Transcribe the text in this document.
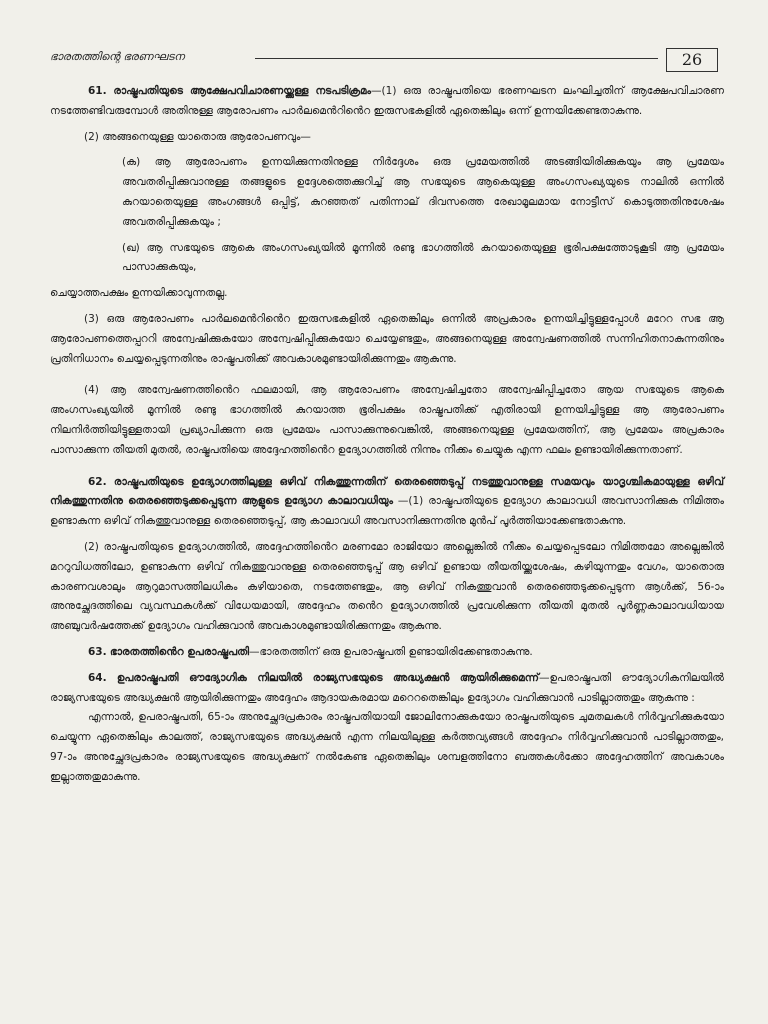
ഭാരതത്തിന്റെ ഭരണഘടന	26

61. രാഷ്ട്രപതിയുടെ ആക്ഷേപവിചാരണയ്ക്കുള്ള നടപടിക്രമം—(1) ഒരു രാഷ്ട്രപതിയെ ഭരണഘടന ലംഘിച്ചതിന് ആക്ഷേപവിചാരണ നടത്തേണ്ടിവരുമ്പോൾ അതിനുള്ള ആരോപണം പാർലമെൻറിൻെറ ഇരുസഭകളിൽ ഏതെങ്കിലും ഒന്ന് ഉന്നയിക്കേണ്ടതാകുന്നു.

(2) അങ്ങനെയുള്ള യാതൊരു ആരോപണവും—

(ക) ആ ആരോപണം ഉന്നയിക്കുന്നതിനുള്ള നിർദ്ദേശം ഒരു പ്രമേയത്തിൽ അടങ്ങിയിരിക്കുകയും ആ പ്രമേയം അവതരിപ്പിക്കുവാനുള്ള തങ്ങളുടെ ഉദ്ദേശത്തെക്കുറിച്ച് ആ സഭയുടെ ആകെയുള്ള അംഗസംഖ്യയുടെ നാലിൽ ഒന്നിൽ കുറയാതെയുള്ള അംഗങ്ങൾ ഒപ്പിട്ട്, കുറഞ്ഞത് പതിന്നാല് ദിവസത്തെ രേഖാമൂലമായ നോട്ടീസ് കൊടുത്തതിനുശേഷം അവതരിപ്പിക്കുകയും ;

(ഖ) ആ സഭയുടെ ആകെ അംഗസംഖ്യയിൽ മൂന്നിൽ രണ്ടു ഭാഗത്തിൽ കുറയാതെയുള്ള ഭൂരിപക്ഷത്തോടുകൂടി ആ പ്രമേയം പാസാക്കുകയും,

ചെയ്യാത്തപക്ഷം ഉന്നയിക്കാവുന്നതല്ല.

(3) ഒരു ആരോപണം പാർലമെൻറിൻെറ ഇരുസഭകളിൽ ഏതെങ്കിലും ഒന്നിൽ അപ്രകാരം ഉന്നയിച്ചിട്ടുള്ളപ്പോൾ മറേറ സഭ ആ ആരോപണത്തെപ്പററി അന്വേഷിക്കുകയോ അന്വേഷിപ്പിക്കുകയോ ചെയ്യേണ്ടതും, അങ്ങനെയുള്ള അന്വേഷണത്തിൽ സന്നിഹിതനാകുന്നതിനും പ്രതിനിധാനം ചെയ്യപ്പെടുന്നതിനും രാഷ്ട്രപതിക്ക് അവകാശമുണ്ടായിരിക്കുന്നതും ആകുന്നു.

(4) ആ അന്വേഷണത്തിൻെറ ഫലമായി, ആ ആരോപണം അന്വേഷിച്ചതോ അന്വേഷിപ്പിച്ചതോ ആയ സഭയുടെ ആകെ അംഗസംഖ്യയിൽ മൂന്നിൽ രണ്ടു ഭാഗത്തിൽ കുറയാത്ത ഭൂരിപക്ഷം രാഷ്ട്രപതിക്ക് എതിരായി ഉന്നയിച്ചിട്ടുള്ള ആ ആരോപണം നിലനിർത്തിയിട്ടുള്ളതായി പ്രഖ്യാപിക്കുന്ന ഒരു പ്രമേയം പാസാക്കുന്നുവെങ്കിൽ, അങ്ങനെയുള്ള പ്രമേയത്തിന്, ആ പ്രമേയം അപ്രകാരം പാസാക്കുന്ന തീയതി മുതൽ, രാഷ്ട്രപതിയെ അദ്ദേഹത്തിൻെറ ഉദ്യോഗത്തിൽ നിന്നും നീക്കം ചെയ്യുക എന്ന ഫലം ഉണ്ടായിരിക്കുന്നതാണ്.

62. രാഷ്ട്രപതിയുടെ ഉദ്യോഗത്തിലുള്ള ഒഴിവ് നികത്തുന്നതിന് തെരഞ്ഞെടുപ്പ് നടത്തുവാനുള്ള സമയവും യാദൃശ്ചികമായുള്ള ഒഴിവ് നികത്തുന്നതിനു തെരഞ്ഞെടുക്കപ്പെടുന്ന ആളുടെ ഉദ്യോഗ കാലാവധിയും —(1) രാഷ്ട്രപതിയുടെ ഉദ്യോഗ കാലാവധി അവസാനിക്കുക നിമിത്തം ഉണ്ടാകുന്ന ഒഴിവ് നികത്തുവാനുള്ള തെരഞ്ഞെടുപ്പ്, ആ കാലാവധി അവസാനിക്കുന്നതിനു മുൻപ് പൂർത്തിയാക്കേണ്ടതാകുന്നു.

(2) രാഷ്ട്രപതിയുടെ ഉദ്യോഗത്തിൽ, അദ്ദേഹത്തിൻെറ മരണമോ രാജിയോ അല്ലെങ്കിൽ നീക്കം ചെയ്യപ്പെടലോ നിമിത്തമോ അല്ലെങ്കിൽ മററുവിധത്തിലോ, ഉണ്ടാകുന്ന ഒഴിവ് നികത്തുവാനുള്ള തെരഞ്ഞെടുപ്പ് ആ ഒഴിവ് ഉണ്ടായ തീയതിയ്ക്കുശേഷം, കഴിയുന്നതും വേഗം, യാതൊരു കാരണവശാലും ആറുമാസത്തിലധികം കഴിയാതെ, നടത്തേണ്ടതും, ആ ഒഴിവ് നികത്തുവാൻ തെരഞ്ഞെടുക്കപ്പെടുന്ന ആൾക്ക്, 56-ാം അനുച്ഛേദത്തിലെ വ്യവസ്ഥകൾക്ക് വിധേയമായി, അദ്ദേഹം തൻെറ ഉദ്യോഗത്തിൽ പ്രവേശിക്കുന്ന തീയതി മുതൽ പൂർണ്ണകാലാവധിയായ അഞ്ചുവർഷത്തേക്ക് ഉദ്യോഗം വഹിക്കുവാൻ അവകാശമുണ്ടായിരിക്കുന്നതും ആകുന്നു.

63. ഭാരതത്തിൻെറ ഉപരാഷ്ട്രപതി—ഭാരതത്തിന് ഒരു ഉപരാഷ്ട്രപതി ഉണ്ടായിരിക്കേണ്ടതാകുന്നു.

64. ഉപരാഷ്ട്രപതി ഔദ്യോഗിക നിലയിൽ രാജ്യസഭയുടെ അദ്ധ്യക്ഷൻ ആയിരിക്കുമെന്ന്—ഉപരാഷ്ട്രപതി ഔദ്യോഗികനിലയിൽ രാജ്യസഭയുടെ അദ്ധ്യക്ഷൻ ആയിരിക്കുന്നതും അദ്ദേഹം ആദായകരമായ മറെറതെങ്കിലും ഉദ്യോഗം വഹിക്കുവാൻ പാടില്ലാത്തതും ആകുന്നു :

എന്നാൽ, ഉപരാഷ്ട്രപതി, 65-ാം അനുച്ഛേദപ്രകാരം രാഷ്ട്രപതിയായി ജോലിനോക്കുകയോ രാഷ്ട്രപതിയുടെ ചുമതലകൾ നിർവ്വഹിക്കുകയോ ചെയ്യുന്ന ഏതെങ്കിലും കാലത്ത്, രാജ്യസഭയുടെ അദ്ധ്യക്ഷൻ എന്ന നിലയിലുള്ള കർത്തവ്യങ്ങൾ അദ്ദേഹം നിർവ്വഹിക്കുവാൻ പാടില്ലാത്തതും, 97-ാം അനുച്ഛേദപ്രകാരം രാജ്യസഭയുടെ അദ്ധ്യക്ഷന് നൽകേണ്ട ഏതെങ്കിലും ശമ്പളത്തിനോ ബത്തകൾക്കോ അദ്ദേഹത്തിന് അവകാശം ഇല്ലാത്തതുമാകുന്നു.
